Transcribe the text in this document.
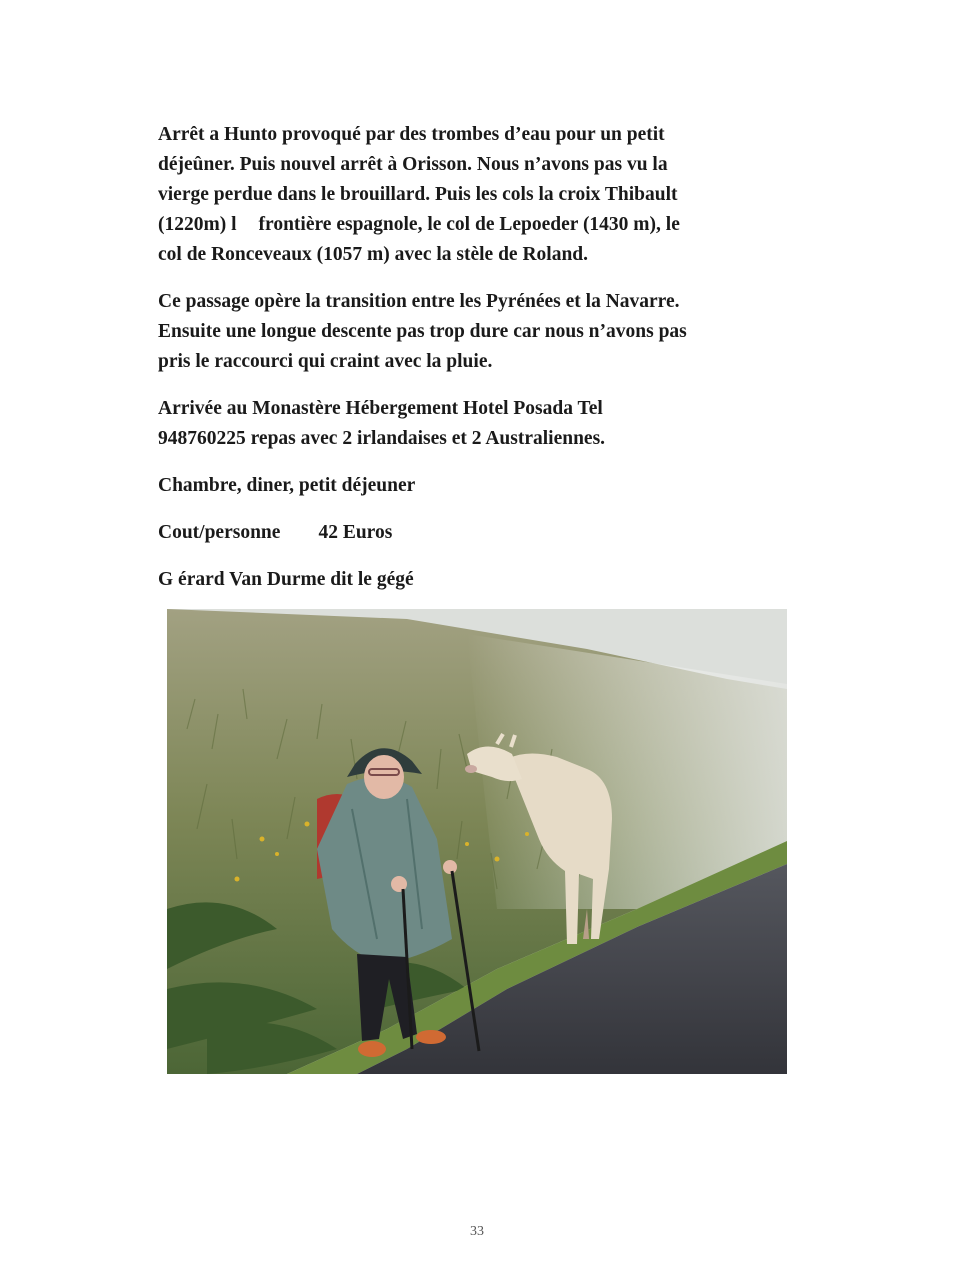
Arrêt a Hunto provoqué par des trombes d’eau pour un petit
déjeûner. Puis nouvel arrêt à Orisson. Nous n’avons pas vu la
vierge perdue dans le brouillard. Puis les cols la croix Thibault
(1220m) l frontière espagnole, le col de Lepoeder (1430 m), le
col de Ronceveaux (1057 m) avec la stèle de Roland.

Ce passage opère la transition entre les Pyrénées et la Navarre.
Ensuite une longue descente pas trop dure car nous n’avons pas
pris le raccourci qui craint avec la pluie.

Arrivée au Monastère Hébergement Hotel Posada Tel
948760225 repas avec 2 irlandaises et 2 Australiennes.

Chambre, diner, petit déjeuner

Cout/personne 42 Euros

G érard Van Durme dit le gégé

33
